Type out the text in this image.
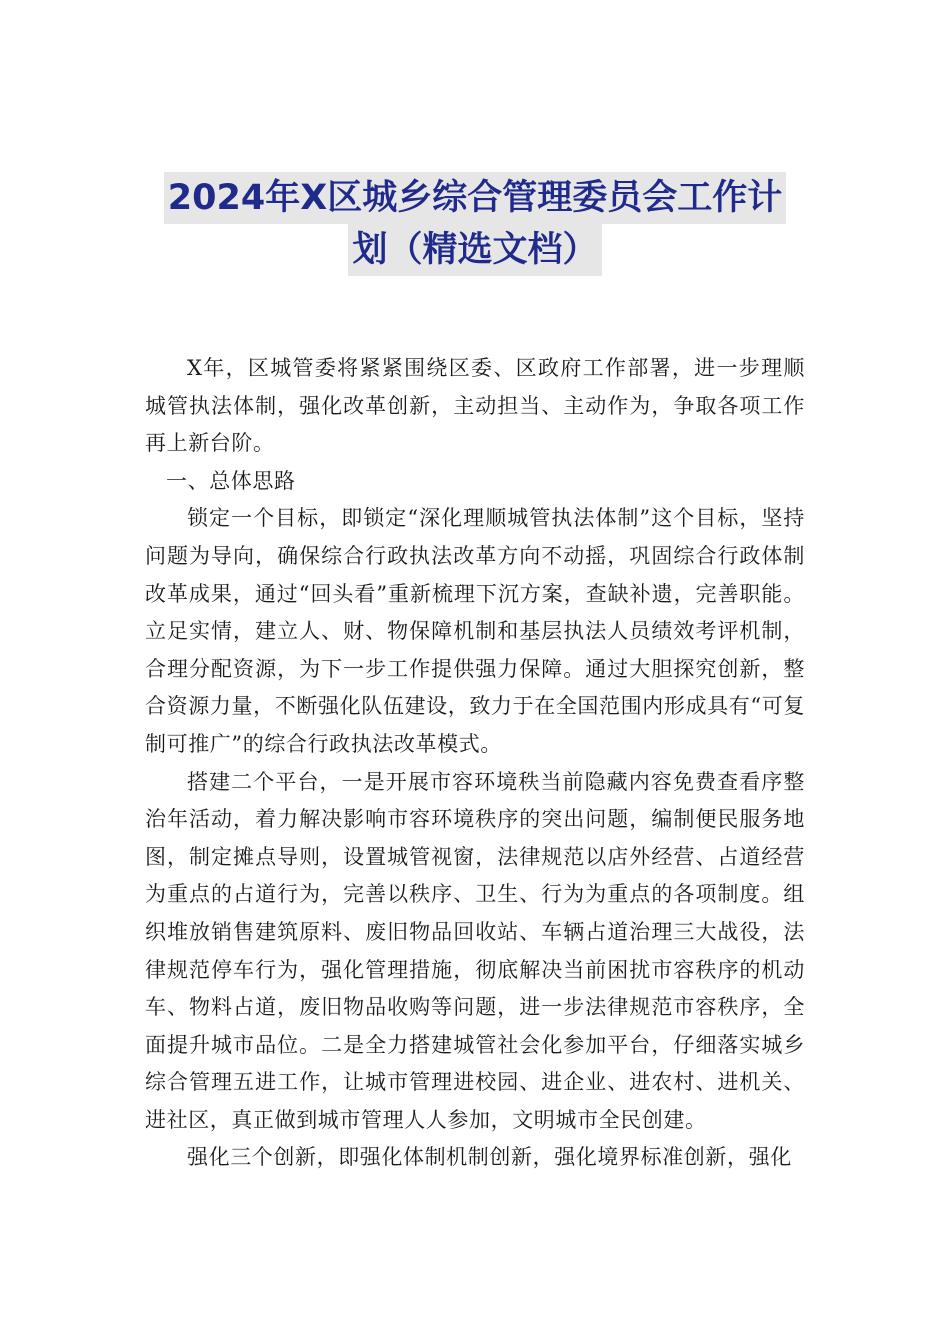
2024年X区城乡综合管理委员会工作计
划（精选文档）

X年，区城管委将紧紧围绕区委、区政府工作部署，进一步理顺城管执法体制，强化改革创新，主动担当、主动作为，争取各项工作再上新台阶。

一、总体思路

锁定一个目标，即锁定“深化理顺城管执法体制”这个目标，坚持问题为导向，确保综合行政执法改革方向不动摇，巩固综合行政体制改革成果，通过“回头看”重新梳理下沉方案，查缺补遗，完善职能。立足实情，建立人、财、物保障机制和基层执法人员绩效考评机制，合理分配资源，为下一步工作提供强力保障。通过大胆探究创新，整合资源力量，不断强化队伍建设，致力于在全国范围内形成具有“可复制可推广”的综合行政执法改革模式。

搭建二个平台，一是开展市容环境秩当前隐藏内容免费查看序整治年活动，着力解决影响市容环境秩序的突出问题，编制便民服务地图，制定摊点导则，设置城管视窗，法律规范以店外经营、占道经营为重点的占道行为，完善以秩序、卫生、行为为重点的各项制度。组织堆放销售建筑原料、废旧物品回收站、车辆占道治理三大战役，法律规范停车行为，强化管理措施，彻底解决当前困扰市容秩序的机动车、物料占道，废旧物品收购等问题，进一步法律规范市容秩序，全面提升城市品位。二是全力搭建城管社会化参加平台，仔细落实城乡综合管理五进工作，让城市管理进校园、进企业、进农村、进机关、进社区，真正做到城市管理人人参加，文明城市全民创建。

强化三个创新，即强化体制机制创新，强化境界标准创新，强化
